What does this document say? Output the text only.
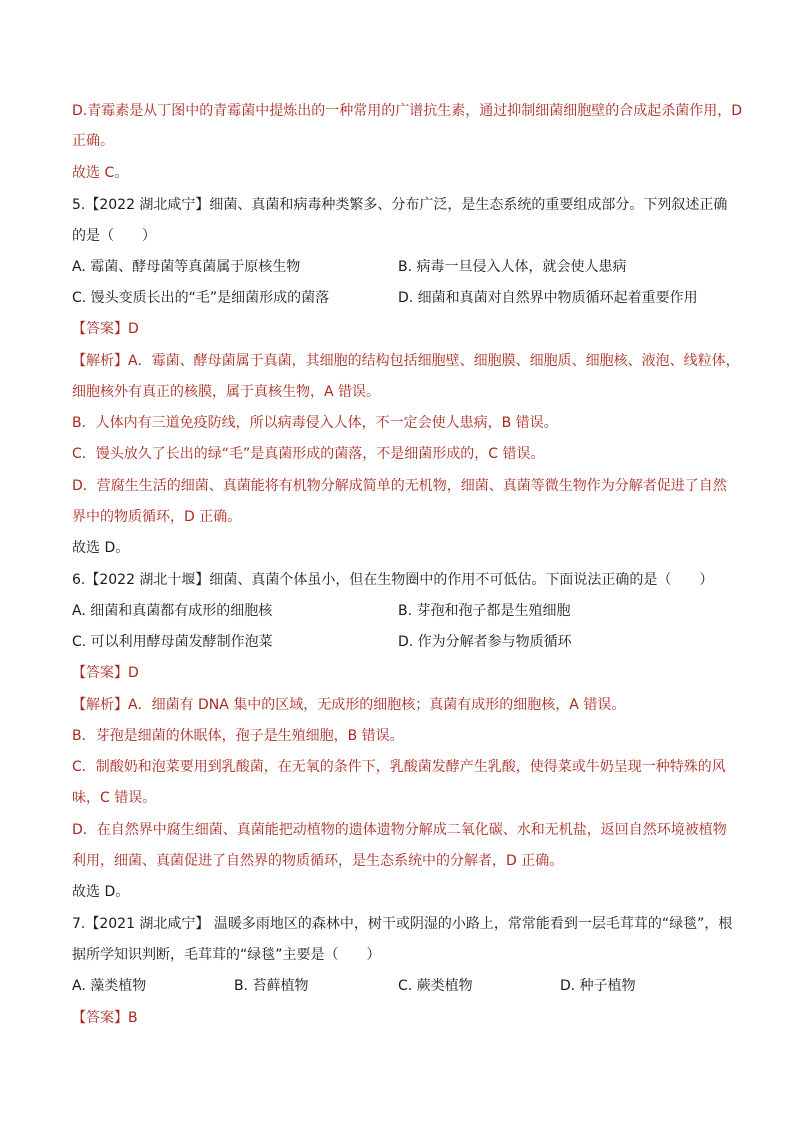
D.青霉素是从丁图中的青霉菌中提炼出的一种常用的广谱抗生素，通过抑制细菌细胞壁的合成起杀菌作用，D
正确。
故选 C。
5.【2022 湖北咸宁】细菌、真菌和病毒种类繁多、分布广泛，是生态系统的重要组成部分。下列叙述正确
的是（　　）
A. 霉菌、酵母菌等真菌属于原核生物	B. 病毒一旦侵入人体，就会使人患病
C. 馒头变质长出的“毛”是细菌形成的菌落	D. 细菌和真菌对自然界中物质循环起着重要作用
【答案】D
【解析】A．霉菌、酵母菌属于真菌，其细胞的结构包括细胞壁、细胞膜、细胞质、细胞核、液泡、线粒体，
细胞核外有真正的核膜，属于真核生物，A 错误。
B．人体内有三道免疫防线，所以病毒侵入人体，不一定会使人患病，B 错误。
C．馒头放久了长出的绿“毛”是真菌形成的菌落，不是细菌形成的，C 错误。
D．营腐生生活的细菌、真菌能将有机物分解成简单的无机物，细菌、真菌等微生物作为分解者促进了自然
界中的物质循环，D 正确。
故选 D。
6.【2022 湖北十堰】细菌、真菌个体虽小，但在生物圈中的作用不可低估。下面说法正确的是（　　）
A. 细菌和真菌都有成形的细胞核	B. 芽孢和孢子都是生殖细胞
C. 可以利用酵母菌发酵制作泡菜	D. 作为分解者参与物质循环
【答案】D
【解析】A．细菌有 DNA 集中的区域，无成形的细胞核；真菌有成形的细胞核，A 错误。
B．芽孢是细菌的休眠体，孢子是生殖细胞，B 错误。
C．制酸奶和泡菜要用到乳酸菌，在无氧的条件下，乳酸菌发酵产生乳酸，使得菜或牛奶呈现一种特殊的风
味，C 错误。
D．在自然界中腐生细菌、真菌能把动植物的遗体遗物分解成二氧化碳、水和无机盐，返回自然环境被植物
利用，细菌、真菌促进了自然界的物质循环，是生态系统中的分解者，D 正确。
故选 D。
7.【2021 湖北咸宁】 温暖多雨地区的森林中，树干或阴湿的小路上，常常能看到一层毛茸茸的“绿毯”，根
据所学知识判断，毛茸茸的“绿毯”主要是（　　）
A. 藻类植物	B. 苔藓植物	C. 蕨类植物	D. 种子植物
【答案】B
